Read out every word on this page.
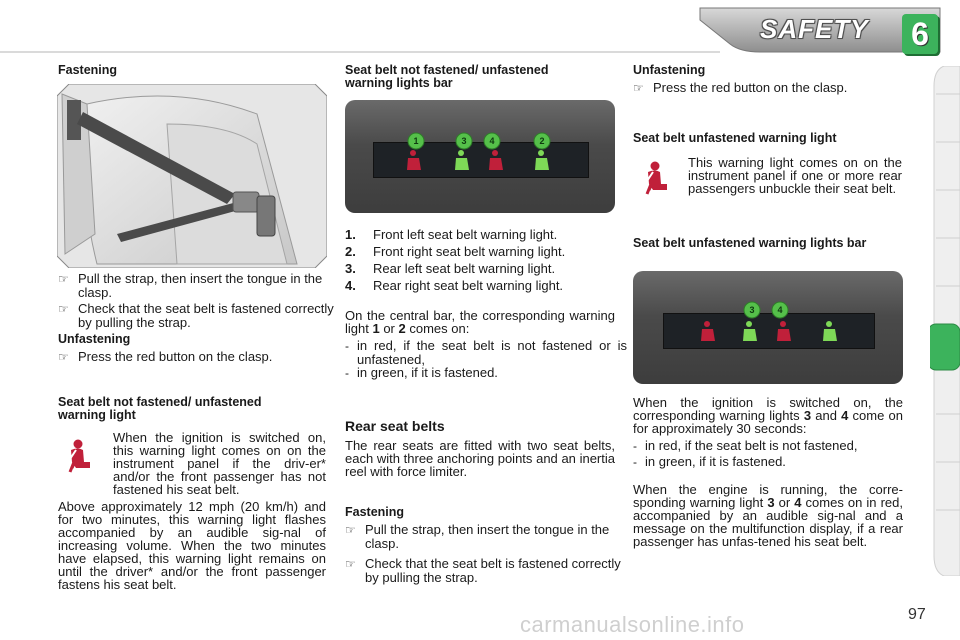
SAFETY 6
Fastening
☞ Pull the strap, then insert the tongue in the clasp.
☞ Check that the seat belt is fastened correctly by pulling the strap.
Unfastening
☞ Press the red button on the clasp.
Seat belt not fastened/ unfastened warning light
When the ignition is switched on, this warning light comes on on the instrument panel if the driv-er* and/or the front passenger has not fastened his seat belt.
Above approximately 12 mph (20 km/h) and for two minutes, this warning light flashes accompanied by an audible sig-nal of increasing volume. When the two minutes have elapsed, this warning light remains on until the driver* and/or the front passenger fastens his seat belt.
Seat belt not fastened/ unfastened warning lights bar
1	3	4	2
1. Front left seat belt warning light.
2. Front right seat belt warning light.
3. Rear left seat belt warning light.
4. Rear right seat belt warning light.
On the central bar, the corresponding warning light 1 or 2 comes on:
- in red, if the seat belt is not fastened or is unfastened,
- in green, if it is fastened.
Rear seat belts
The rear seats are fitted with two seat belts, each with three anchoring points and an inertia reel with force limiter.
Fastening
☞ Pull the strap, then insert the tongue in the clasp.
☞ Check that the seat belt is fastened correctly by pulling the strap.
Unfastening
☞ Press the red button on the clasp.
Seat belt unfastened warning light
This warning light comes on on the instrument panel if one or more rear passengers unbuckle their seat belt.
Seat belt unfastened warning lights bar
3	4
When the ignition is switched on, the corresponding warning lights 3 and 4 come on for approximately 30 seconds:
- in red, if the seat belt is not fastened,
- in green, if it is fastened.
When the engine is running, the corre-sponding warning light 3 or 4 comes on in red, accompanied by an audible sig-nal and a message on the multifunction display, if a rear passenger has unfas-tened his seat belt.
carmanualsonline.info	97
